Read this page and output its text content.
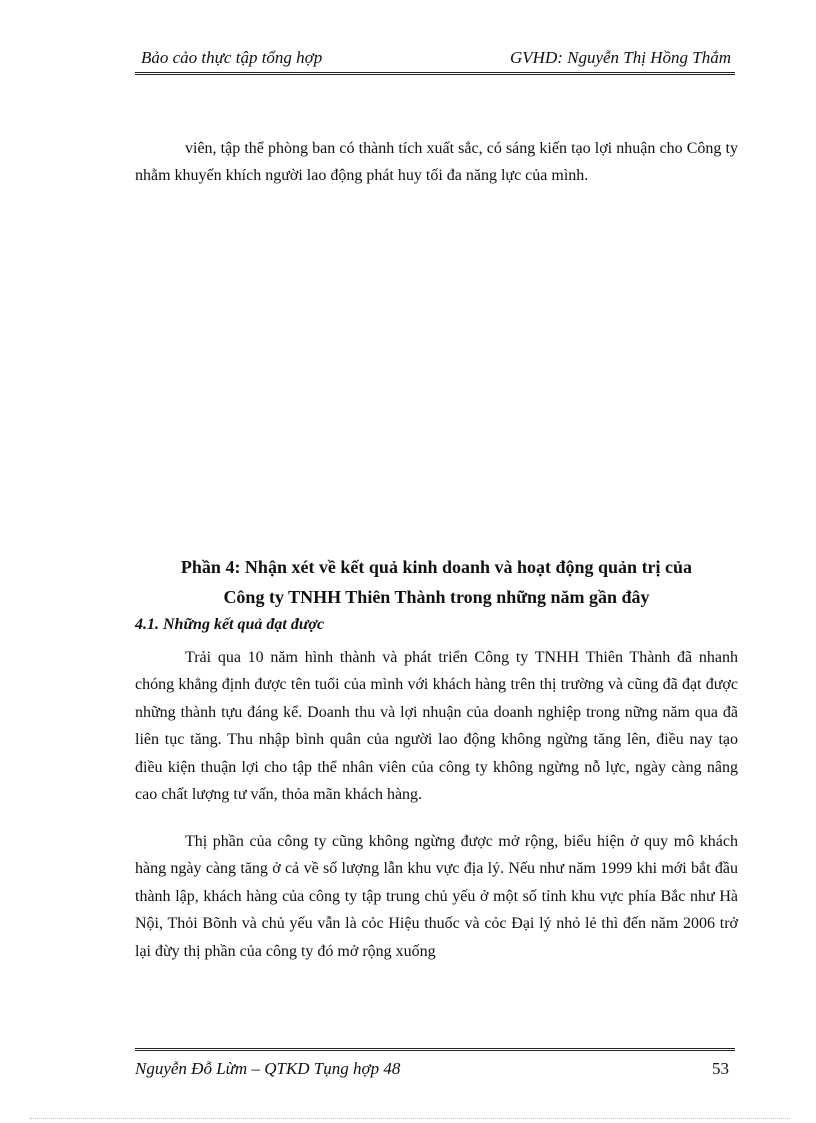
Bảo cảo thực tập tổng hợp	GVHD: Nguyễn Thị Hồng Thắm

viên, tập thể phòng ban có thành tích xuất sắc, có sáng kiến tạo lợi nhuận cho Công ty nhằm khuyến khích người lao động phát huy tối đa năng lực của mình.

Phần 4: Nhận xét về kết quả kinh doanh và hoạt động quản trị của
Công ty TNHH Thiên Thành trong những năm gần đây
4.1. Những kết quả đạt được

Trải qua 10 năm hình thành và phát triển Công ty TNHH Thiên Thành đã nhanh chóng khẳng định được tên tuổi của mình với khách hàng trên thị trường và cũng đã đạt được những thành tựu đáng kể. Doanh thu và lợi nhuận của doanh nghiệp trong nững năm qua đã liên tục tăng. Thu nhập bình quân của người lao động không ngừng tăng lên, điều nay tạo điều kiện thuận lợi cho tập thể nhân viên của công ty không ngừng nỗ lực, ngày càng nâng cao chất lượng tư vấn, thỏa mãn khách hàng.

Thị phần của công ty cũng không ngừng được mở rộng, biểu hiện ở quy mô khách hàng ngày càng tăng ở cả về số lượng lẫn khu vực địa lý. Nếu như năm 1999 khi mới bắt đầu thành lập, khách hàng của công ty tập trung chủ yếu ở một số tỉnh khu vực phía Bắc như Hà Nội, Thỏi Bõnh và chủ yếu vẫn là cỏc Hiệu thuốc và cỏc Đại lý nhỏ lẻ thì đến năm 2006 trở lại đừy thị phần của công ty đó mở rộng xuống

Nguyễn Đỗ Lừm – QTKD Tụng hợp 48	53
